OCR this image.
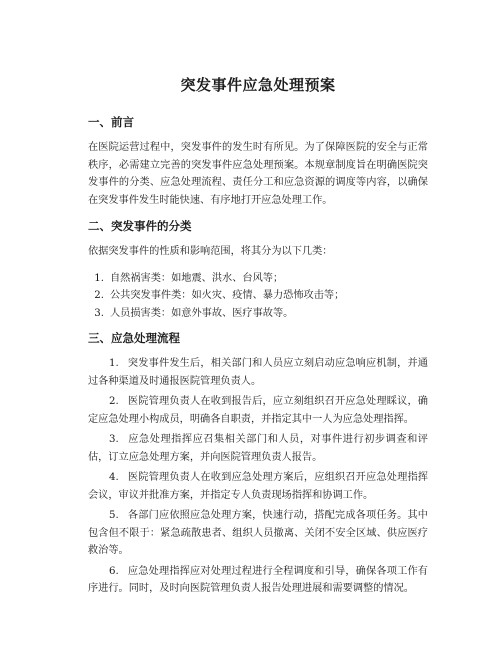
突发事件应急处理预案
一、前言

在医院运营过程中，突发事件的发生时有所见。为了保障医院的安全与正常秩序，必需建立完善的突发事件应急处理预案。本规章制度旨在明确医院突发事件的分类、应急处理流程、责任分工和应急资源的调度等内容，以确保在突发事件发生时能快速、有序地打开应急处理工作。

二、突发事件的分类

依据突发事件的性质和影响范围，将其分为以下几类：

1. 自然祸害类：如地震、洪水、台风等；
2. 公共突发事件类：如火灾、疫情、暴力恐怖攻击等；
3. 人员损害类：如意外事故、医疗事故等。
三、应急处理流程

1. 突发事件发生后，相关部门和人员应立刻启动应急响应机制，并通过各种渠道及时通报医院管理负责人。

2. 医院管理负责人在收到报告后，应立刻组织召开应急处理睬议，确定应急处理小构成员，明确各自职责，并指定其中一人为应急处理指挥。

3. 应急处理指挥应召集相关部门和人员，对事件进行初步调查和评估，订立应急处理方案，并向医院管理负责人报告。

4. 医院管理负责人在收到应急处理方案后，应组织召开应急处理指挥会议，审议并批准方案，并指定专人负责现场指挥和协调工作。

5. 各部门应依照应急处理方案，快速行动，搭配完成各项任务。其中包含但不限于：紧急疏散患者、组织人员撤离、关闭不安全区域、供应医疗救治等。

6. 应急处理指挥应对处理过程进行全程调度和引导，确保各项工作有序进行。同时，及时向医院管理负责人报告处理进展和需要调整的情况。
